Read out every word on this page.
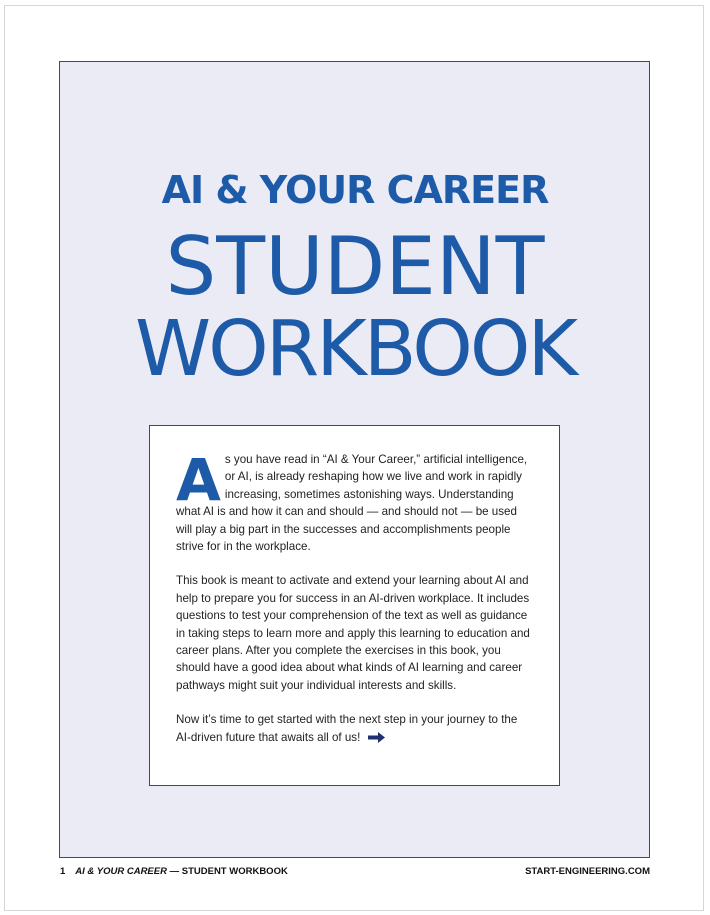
AI & YOUR CAREER
STUDENT
WORKBOOK

As you have read in “AI & Your Career,” artificial intelligence, or AI, is already reshaping how we live and work in rapidly increasing, sometimes astonishing ways. Understanding what AI is and how it can and should — and should not — be used will play a big part in the successes and accomplishments people strive for in the workplace.

This book is meant to activate and extend your learning about AI and help to prepare you for success in an AI-driven workplace. It includes questions to test your comprehension of the text as well as guidance in taking steps to learn more and apply this learning to education and career plans. After you complete the exercises in this book, you should have a good idea about what kinds of AI learning and career pathways might suit your individual interests and skills.

Now it’s time to get started with the next step in your journey to the AI-driven future that awaits all of us!

1 AI & YOUR CAREER — STUDENT WORKBOOK	START-ENGINEERING.COM
